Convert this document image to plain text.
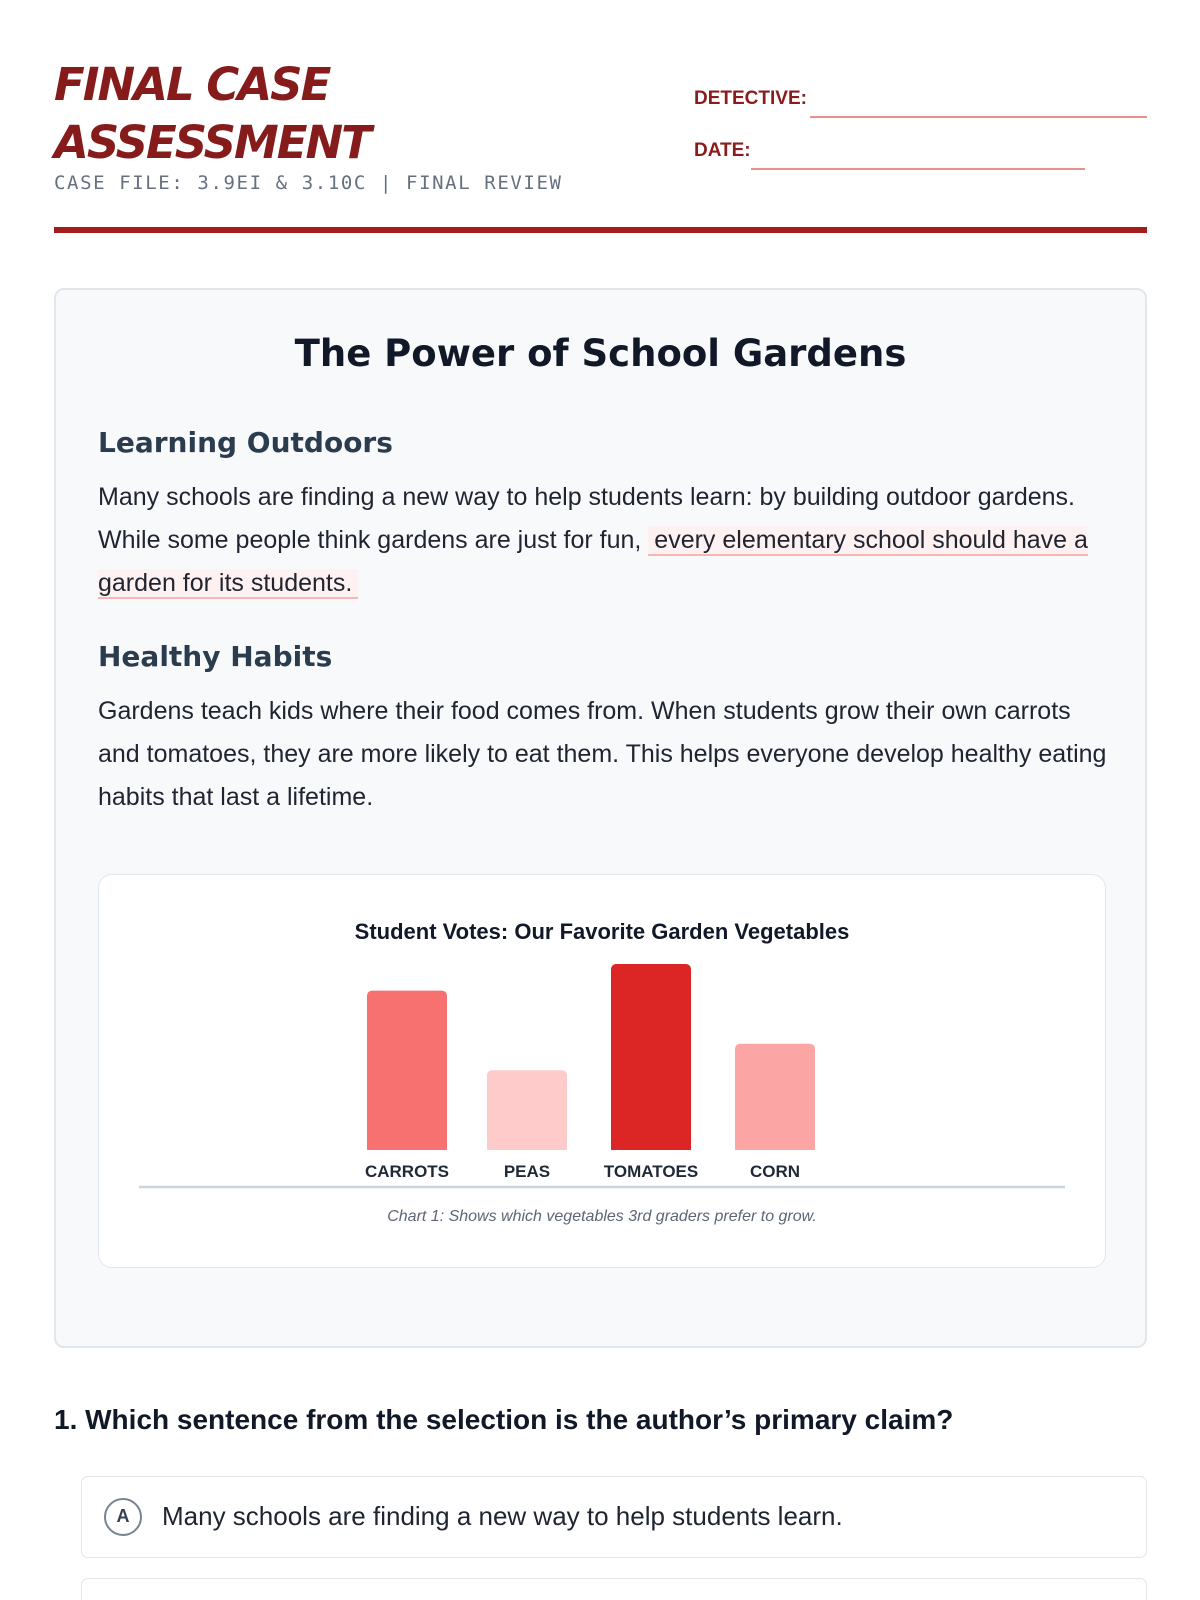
FINAL CASE
ASSESSMENT
CASE FILE: 3.9EI & 3.10C | FINAL REVIEW
DETECTIVE:
DATE:
The Power of School Gardens
Learning Outdoors
Many schools are finding a new way to help students learn: by building outdoor gardens. While some people think gardens are just for fun, every elementary school should have a garden for its students.
Healthy Habits
Gardens teach kids where their food comes from. When students grow their own carrots and tomatoes, they are more likely to eat them. This helps everyone develop healthy eating habits that last a lifetime.
Student Votes: Our Favorite Garden Vegetables
CARROTS	PEAS	TOMATOES	CORN
Chart 1: Shows which vegetables 3rd graders prefer to grow.
1. Which sentence from the selection is the author’s primary claim?
A	Many schools are finding a new way to help students learn.
